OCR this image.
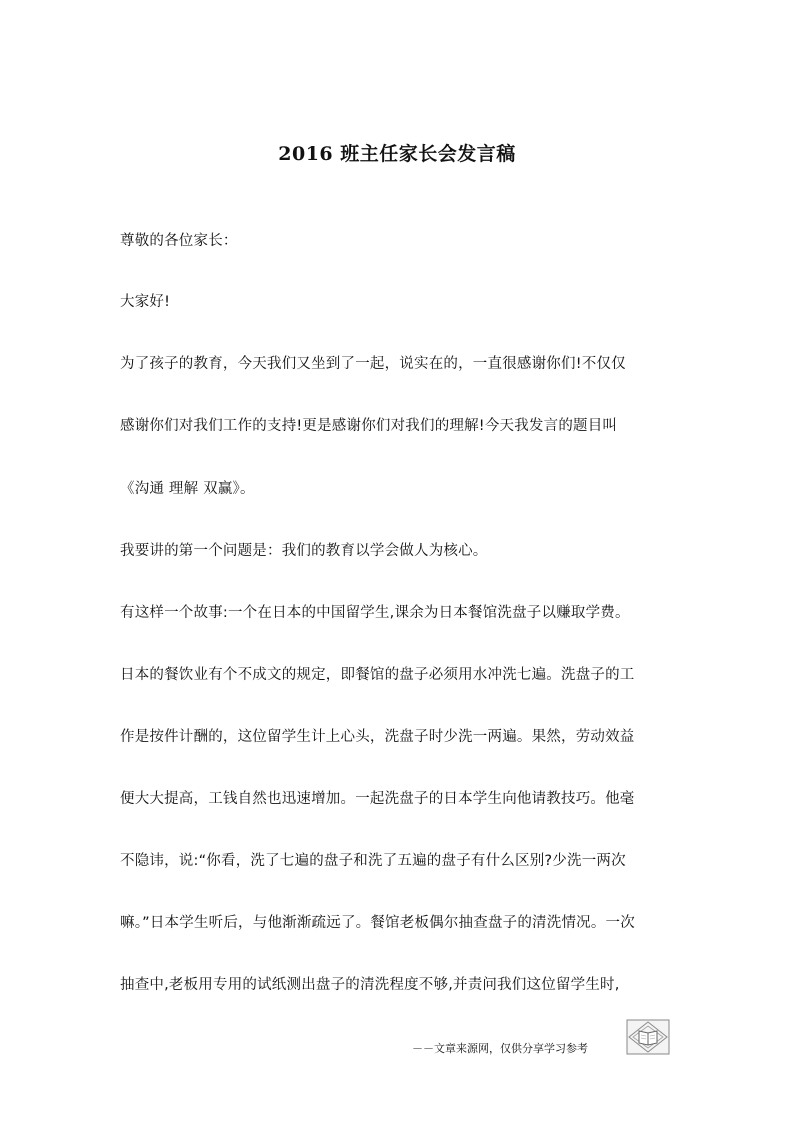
2016 班主任家长会发言稿
尊敬的各位家长：
大家好!
为了孩子的教育，今天我们又坐到了一起，说实在的，一直很感谢你们!不仅仅
感谢你们对我们工作的支持!更是感谢你们对我们的理解!今天我发言的题目叫
《沟通 理解 双赢》。
我要讲的第一个问题是：我们的教育以学会做人为核心。
有这样一个故事:一个在日本的中国留学生,课余为日本餐馆洗盘子以赚取学费。
日本的餐饮业有个不成文的规定，即餐馆的盘子必须用水冲洗七遍。洗盘子的工
作是按件计酬的，这位留学生计上心头，洗盘子时少洗一两遍。果然，劳动效益
便大大提高，工钱自然也迅速增加。一起洗盘子的日本学生向他请教技巧。他毫
不隐讳，说:“你看，洗了七遍的盘子和洗了五遍的盘子有什么区别?少洗一两次
嘛。”日本学生听后，与他渐渐疏远了。餐馆老板偶尔抽查盘子的清洗情况。一次
抽查中,老板用专用的试纸测出盘子的清洗程度不够,并责问我们这位留学生时,
－－文章来源网，仅供分享学习参考
